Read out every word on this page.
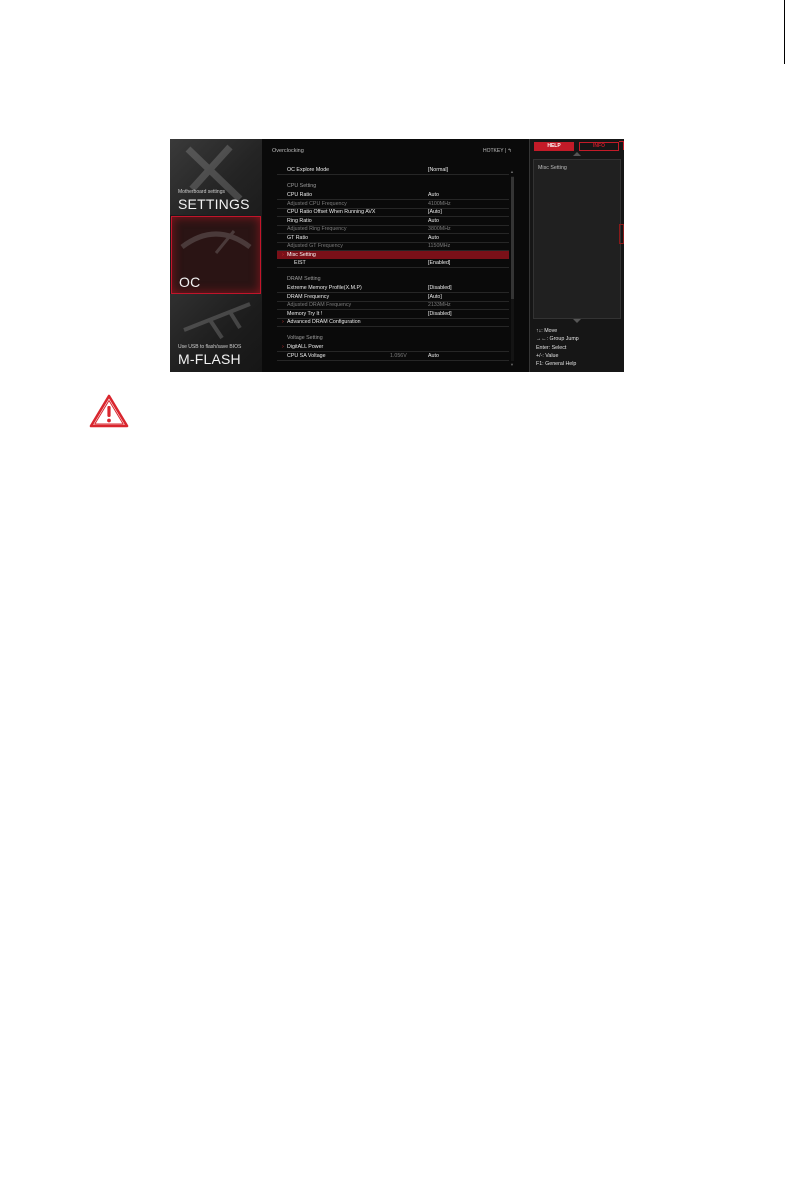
Motherboard settings
SETTINGS
OC
Use USB to flash/save BIOS
M-FLASH
Overclocking	HOTKEY | ↰
OC Explore Mode	[Normal]
CPU Setting
CPU Ratio	Auto
Adjusted CPU Frequency	4100MHz
CPU Ratio Offset When Running AVX	[Auto]
Ring Ratio	Auto
Adjusted Ring Frequency	3800MHz
GT Ratio	Auto
Adjusted GT Frequency	1150MHz
› Misc Setting
EIST	[Enabled]
DRAM Setting
Extreme Memory Profile(X.M.P)	[Disabled]
DRAM Frequency	[Auto]
Adjusted DRAM Frequency	2133MHz
Memory Try It !	[Disabled]
› Advanced DRAM Configuration
Voltage Setting
› DigitALL Power
CPU SA Voltage	1.056V	Auto
▲
▼
HELP	INFO
Misc Setting
↑↓: Move
→←: Group Jump
Enter: Select
+/-: Value
F1: General Help
